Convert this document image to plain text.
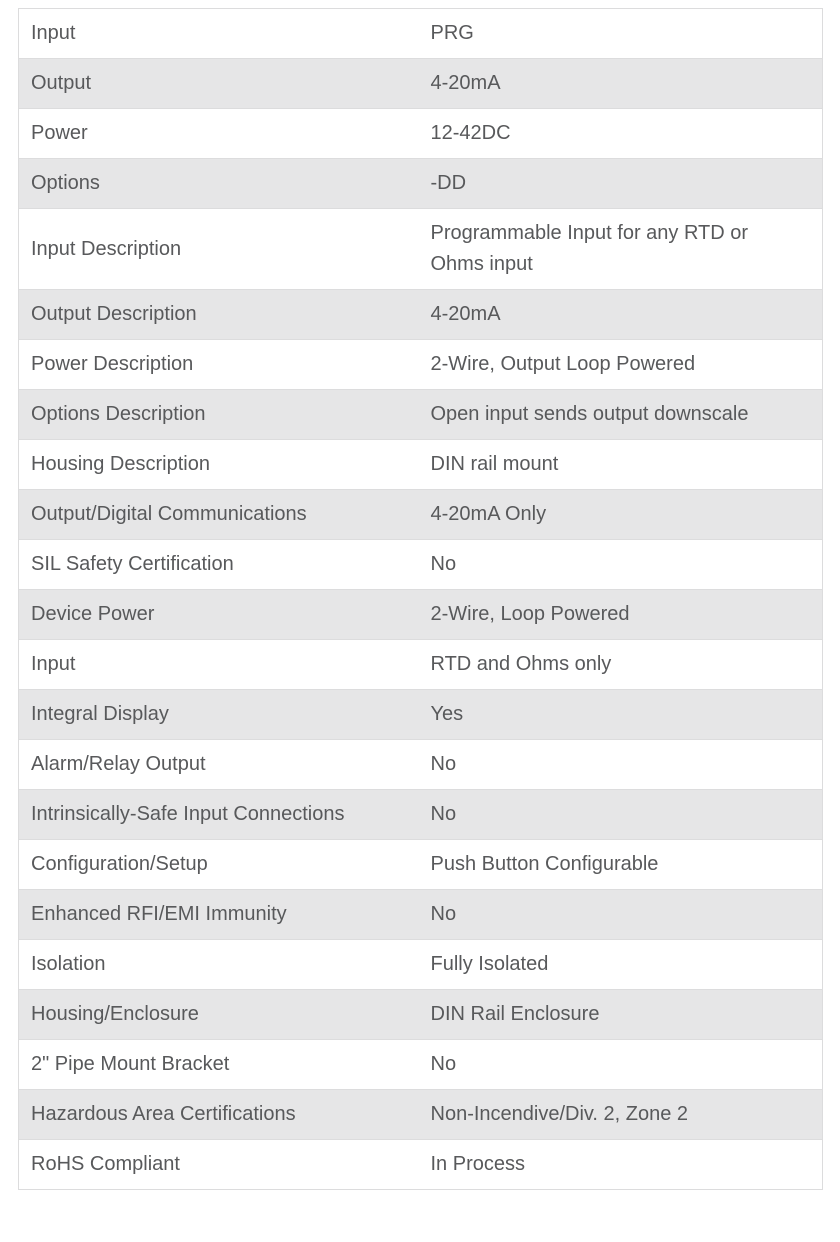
Input	PRG
Output	4-20mA
Power	12-42DC
Options	-DD
Input Description	Programmable Input for any RTD or Ohms input
Output Description	4-20mA
Power Description	2-Wire, Output Loop Powered
Options Description	Open input sends output downscale
Housing Description	DIN rail mount
Output/Digital Communications	4-20mA Only
SIL Safety Certification	No
Device Power	2-Wire, Loop Powered
Input	RTD and Ohms only
Integral Display	Yes
Alarm/Relay Output	No
Intrinsically-Safe Input Connections	No
Configuration/Setup	Push Button Configurable
Enhanced RFI/EMI Immunity	No
Isolation	Fully Isolated
Housing/Enclosure	DIN Rail Enclosure
2" Pipe Mount Bracket	No
Hazardous Area Certifications	Non-Incendive/Div. 2, Zone 2
RoHS Compliant	In Process
